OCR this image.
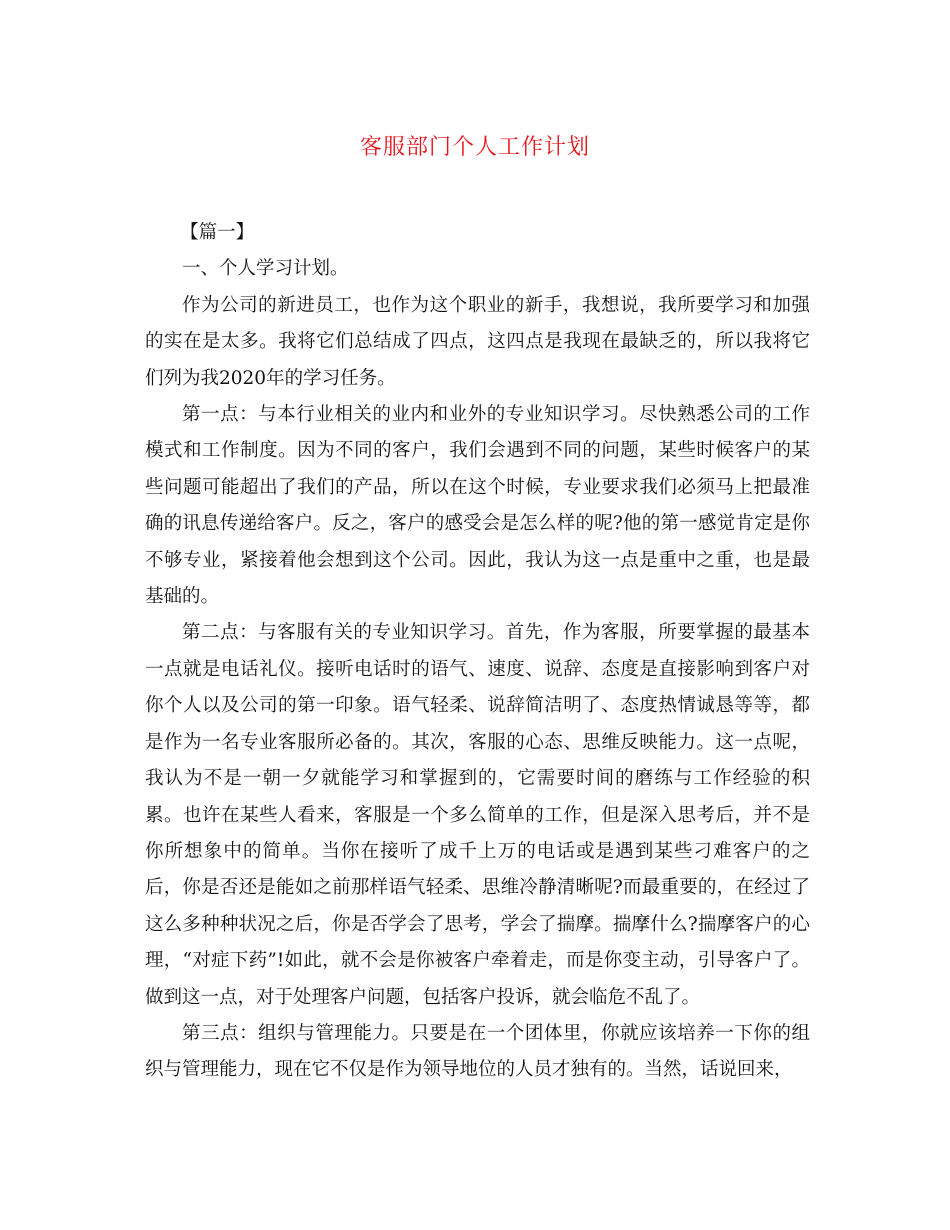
客服部门个人工作计划

【篇一】

一、个人学习计划。

作为公司的新进员工，也作为这个职业的新手，我想说，我所要学习和加强的实在是太多。我将它们总结成了四点，这四点是我现在最缺乏的，所以我将它们列为我2020年的学习任务。

第一点：与本行业相关的业内和业外的专业知识学习。尽快熟悉公司的工作模式和工作制度。因为不同的客户，我们会遇到不同的问题，某些时候客户的某些问题可能超出了我们的产品，所以在这个时候，专业要求我们必须马上把最准确的讯息传递给客户。反之，客户的感受会是怎么样的呢?他的第一感觉肯定是你不够专业，紧接着他会想到这个公司。因此，我认为这一点是重中之重，也是最基础的。

第二点：与客服有关的专业知识学习。首先，作为客服，所要掌握的最基本一点就是电话礼仪。接听电话时的语气、速度、说辞、态度是直接影响到客户对你个人以及公司的第一印象。语气轻柔、说辞简洁明了、态度热情诚恳等等，都是作为一名专业客服所必备的。其次，客服的心态、思维反映能力。这一点呢，我认为不是一朝一夕就能学习和掌握到的，它需要时间的磨练与工作经验的积累。也许在某些人看来，客服是一个多么简单的工作，但是深入思考后，并不是你所想象中的简单。当你在接听了成千上万的电话或是遇到某些刁难客户的之后，你是否还是能如之前那样语气轻柔、思维冷静清晰呢?而最重要的，在经过了这么多种种状况之后，你是否学会了思考，学会了揣摩。揣摩什么?揣摩客户的心理，“对症下药”!如此，就不会是你被客户牵着走，而是你变主动，引导客户了。做到这一点，对于处理客户问题，包括客户投诉，就会临危不乱了。

第三点：组织与管理能力。只要是在一个团体里，你就应该培养一下你的组织与管理能力，现在它不仅是作为领导地位的人员才独有的。当然，话说回来，
